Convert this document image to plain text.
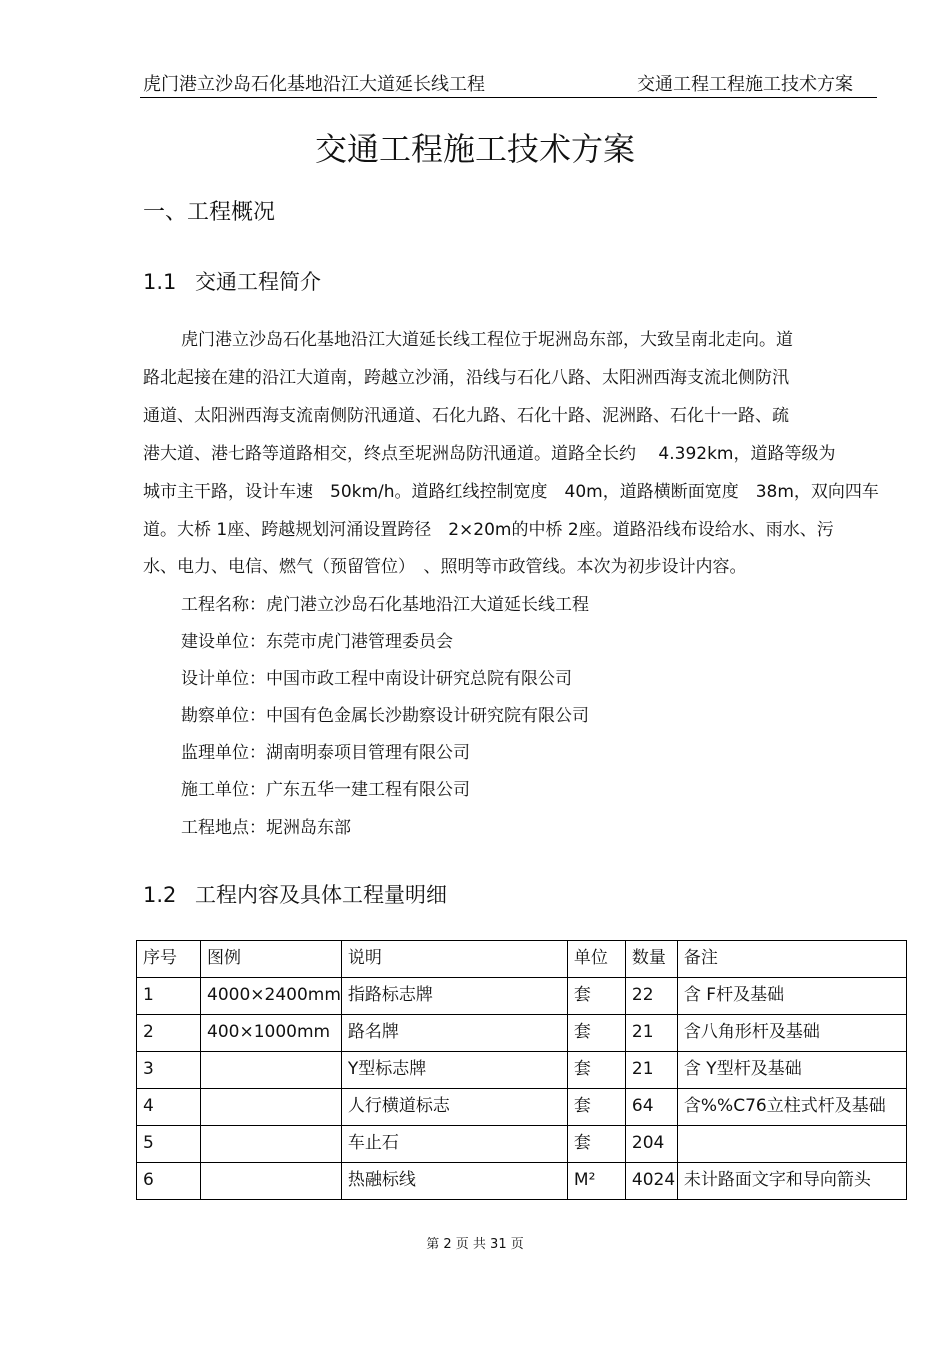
虎门港立沙岛石化基地沿江大道延长线工程	交通工程工程施工技术方案
交通工程施工技术方案
一、工程概况
1.1 交通工程简介
虎门港立沙岛石化基地沿江大道延长线工程位于坭洲岛东部，大致呈南北走向。道
路北起接在建的沿江大道南，跨越立沙涌，沿线与石化八路、太阳洲西海支流北侧防汛
通道、太阳洲西海支流南侧防汛通道、石化九路、石化十路、泥洲路、石化十一路、疏
港大道、港七路等道路相交，终点至坭洲岛防汛通道。道路全长约　 4.392km，道路等级为
城市主干路，设计车速　50km/h。道路红线控制宽度　40m，道路横断面宽度　38m，双向四车
道。大桥 1座、跨越规划河涌设置跨径　2×20m的中桥 2座。道路沿线布设给水、雨水、污
水、电力、电信、燃气（预留管位）　、照明等市政管线。本次为初步设计内容。
工程名称：虎门港立沙岛石化基地沿江大道延长线工程
建设单位：东莞市虎门港管理委员会
设计单位：中国市政工程中南设计研究总院有限公司
勘察单位：中国有色金属长沙勘察设计研究院有限公司
监理单位：湖南明泰项目管理有限公司
施工单位：广东五华一建工程有限公司
工程地点：坭洲岛东部
1.2 工程内容及具体工程量明细
序号	图例	说明	单位	数量	备注
1	4000×2400mm	指路标志牌	套	22	含 F杆及基础
2	400×1000mm	路名牌	套	21	含八角形杆及基础
3		Y型标志牌	套	21	含 Y型杆及基础
4		人行横道标志	套	64	含%%C76立柱式杆及基础
5		车止石	套	204	
6		热融标线	M²	4024	未计路面文字和导向箭头
第 2 页 共 31 页
